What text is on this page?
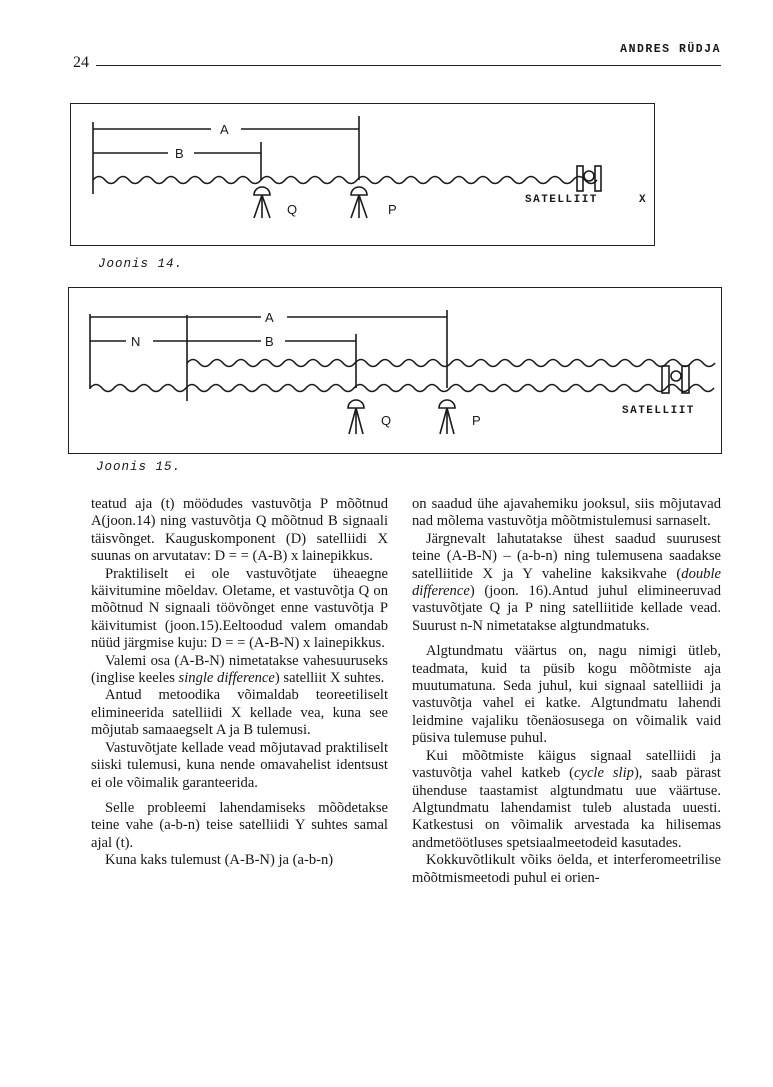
24
ANDRES RÜDJA
A
B
Q	P
SATELLIIT	X
Joonis 14.
A
N	B
Q	P
SATELLIIT
Joonis 15.

teatud aja (t) möödudes vastuvõtja P mõõtnud A(joon.14) ning vastuvõtja Q mõõtnud B signaali täisvõnget. Kauguskomponent (D) satelliidi X suunas on arvutatav: D = = (A-B) x lainepikkus.

Praktiliselt ei ole vastuvõtjate üheaegne käivitumine mõeldav. Oletame, et vastuvõtja Q on mõõtnud N signaali töövõnget enne vastuvõtja P käivitumist (joon.15).Eeltoodud valem omandab nüüd järgmise kuju: D = = (A-B-N) x lainepikkus.

Valemi osa (A-B-N) nimetatakse vahesuuruseks (inglise keeles single difference) satelliit X suhtes.

Antud metoodika võimaldab teoreetiliselt elimineerida satelliidi X kellade vea, kuna see mõjutab samaaegselt A ja B tulemusi.

Vastuvõtjate kellade vead mõjutavad praktiliselt siiski tulemusi, kuna nende omavahelist identsust ei ole võimalik garanteerida.

Selle probleemi lahendamiseks mõõdetakse teine vahe (a-b-n) teise satelliidi Y suhtes samal ajal (t).

Kuna kaks tulemust (A-B-N) ja (a-b-n)

on saadud ühe ajavahemiku jooksul, siis mõjutavad nad mõlema vastuvõtja mõõtmistulemusi sarnaselt.

Järgnevalt lahutatakse ühest saadud suurusest teine (A-B-N) – (a-b-n) ning tulemusena saadakse satelliitide X ja Y vaheline kaksikvahe (double difference) (joon. 16).Antud juhul elimineeruvad vastuvõtjate Q ja P ning satelliitide kellade vead. Suurust n-N nimetatakse algtundmatuks.

Algtundmatu väärtus on, nagu nimigi ütleb, teadmata, kuid ta püsib kogu mõõtmiste aja muutumatuna. Seda juhul, kui signaal satelliidi ja vastuvõtja vahel ei katke. Algtundmatu lahendi leidmine vajaliku tõenäosusega on võimalik vaid püsiva tulemuse puhul.

Kui mõõtmiste käigus signaal satelliidi ja vastuvõtja vahel katkeb (cycle slip), saab pärast ühenduse taastamist algtundmatu uue väärtuse. Algtundmatu lahendamist tuleb alustada uuesti. Katkestusi on võimalik arvestada ka hilisemas andmetöötluses spetsiaalmeetodeid kasutades.

Kokkuvõtlikult võiks öelda, et interferomeetrilise mõõtmismeetodi puhul ei orien-
